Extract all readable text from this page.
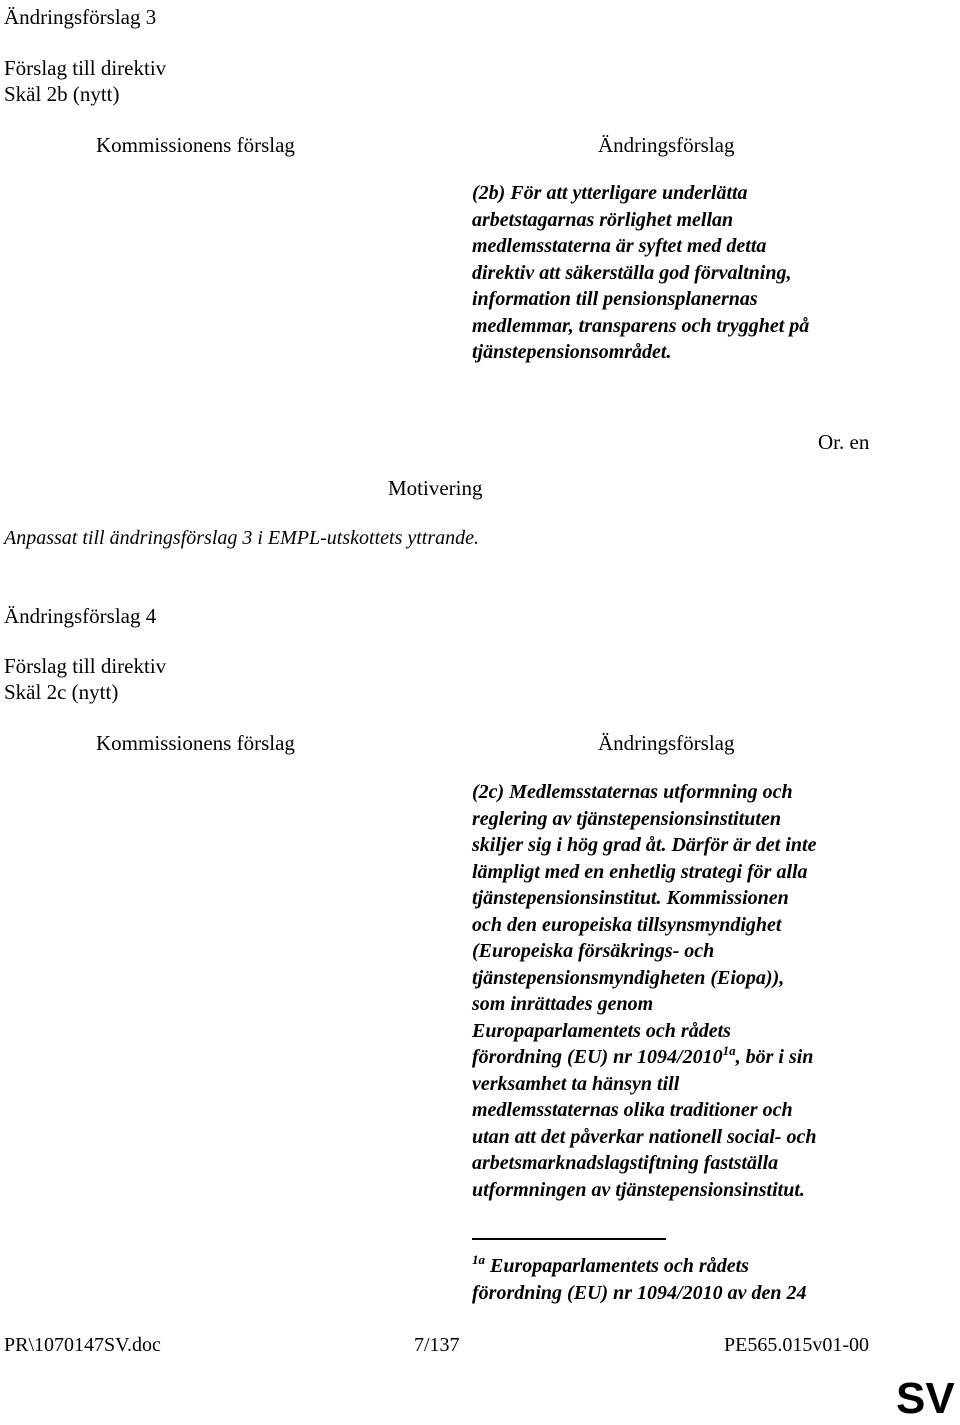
Ändringsförslag 3
Förslag till direktiv
Skäl 2b (nytt)
Kommissionens förslag	Ändringsförslag
(2b) För att ytterligare underlätta
arbetstagarnas rörlighet mellan
medlemsstaterna är syftet med detta
direktiv att säkerställa god förvaltning,
information till pensionsplanernas
medlemmar, transparens och trygghet på
tjänstepensionsområdet.
Or. en
Motivering
Anpassat till ändringsförslag 3 i EMPL-utskottets yttrande.
Ändringsförslag 4
Förslag till direktiv
Skäl 2c (nytt)
Kommissionens förslag	Ändringsförslag
(2c) Medlemsstaternas utformning och
reglering av tjänstepensionsinstituten
skiljer sig i hög grad åt. Därför är det inte
lämpligt med en enhetlig strategi för alla
tjänstepensionsinstitut. Kommissionen
och den europeiska tillsynsmyndighet
(Europeiska försäkrings- och
tjänstepensionsmyndigheten (Eiopa)),
som inrättades genom
Europaparlamentets och rådets
förordning (EU) nr $1094/2010^{1a}$, bör i sin
verksamhet ta hänsyn till
medlemsstaternas olika traditioner och
utan att det påverkar nationell social- och
arbetsmarknadslagstiftning fastställa
utformningen av tjänstepensionsinstitut.
$^{1a}$ Europaparlamentets och rådets
förordning (EU) nr 1094/2010 av den 24
PR\1070147SV.doc	7/137	PE565.015v01-00
SV
